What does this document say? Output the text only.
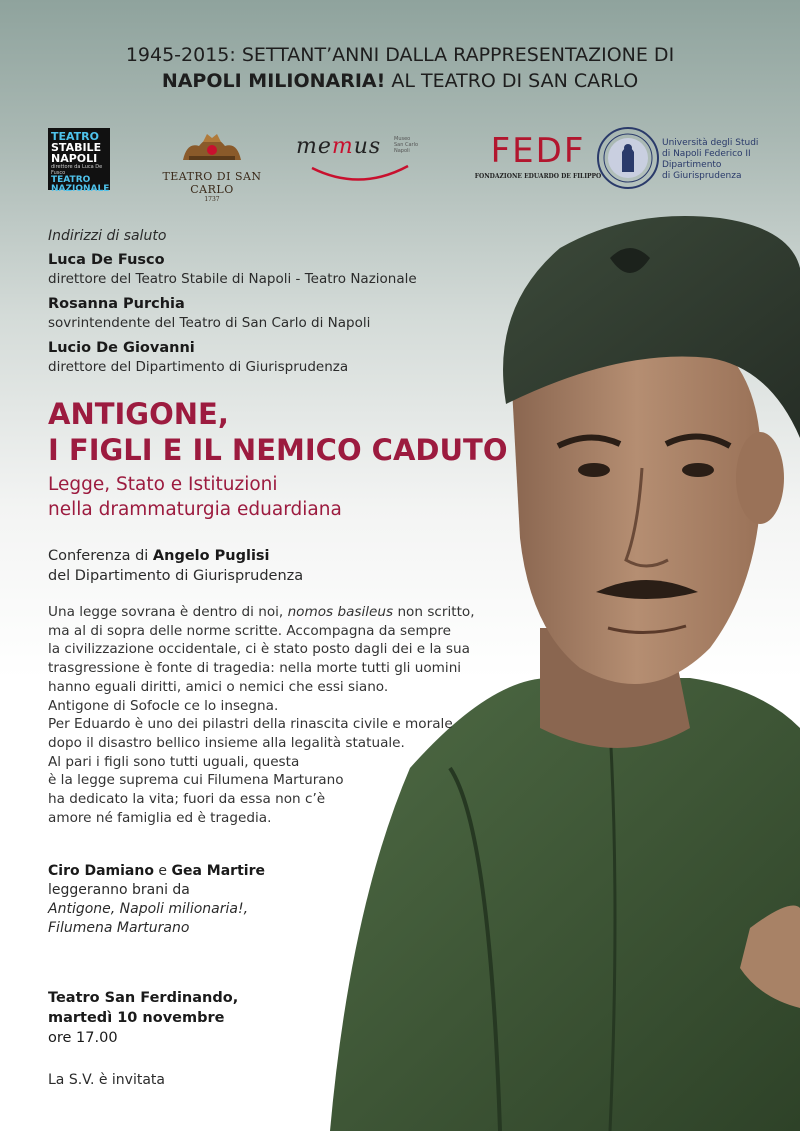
1945-2015: SETTANT’ANNI DALLA RAPPRESENTAZIONE DI
NAPOLI MILIONARIA! AL TEATRO DI SAN CARLO
TEATRO
STABILE
NAPOLI
direttore da Luca De Fusco
TEATRO
NAZIONALE
TEATRO DI SAN CARLO
1737
memus	Museo
San Carlo
Napoli	FEDF
FONDAZIONE EDUARDO DE FILIPPO
Università degli Studi
di Napoli Federico II
Dipartimento
di Giurisprudenza
Indirizzi di saluto
Luca De Fusco
direttore del Teatro Stabile di Napoli - Teatro Nazionale
Rosanna Purchia
sovrintendente del Teatro di San Carlo di Napoli
Lucio De Giovanni
direttore del Dipartimento di Giurisprudenza
ANTIGONE,
I FIGLI E IL NEMICO CADUTO
Legge, Stato e Istituzioni
nella drammaturgia eduardiana
Conferenza di Angelo Puglisi
del Dipartimento di Giurisprudenza
Una legge sovrana è dentro di noi, nomos basileus non scritto,
ma al di sopra delle norme scritte. Accompagna da sempre
la civilizzazione occidentale, ci è stato posto dagli dei e la sua
trasgressione è fonte di tragedia: nella morte tutti gli uomini
hanno eguali diritti, amici o nemici che essi siano.
Antigone di Sofocle ce lo insegna.
Per Eduardo è uno dei pilastri della rinascita civile e morale
dopo il disastro bellico insieme alla legalità statuale.
Al pari i figli sono tutti uguali, questa
è la legge suprema cui Filumena Marturano
ha dedicato la vita; fuori da essa non c’è
amore né famiglia ed è tragedia.
Ciro Damiano e Gea Martire
leggeranno brani da
Antigone, Napoli milionaria!,
Filumena Marturano
Teatro San Ferdinando,
martedì 10 novembre
ore 17.00
La S.V. è invitata
